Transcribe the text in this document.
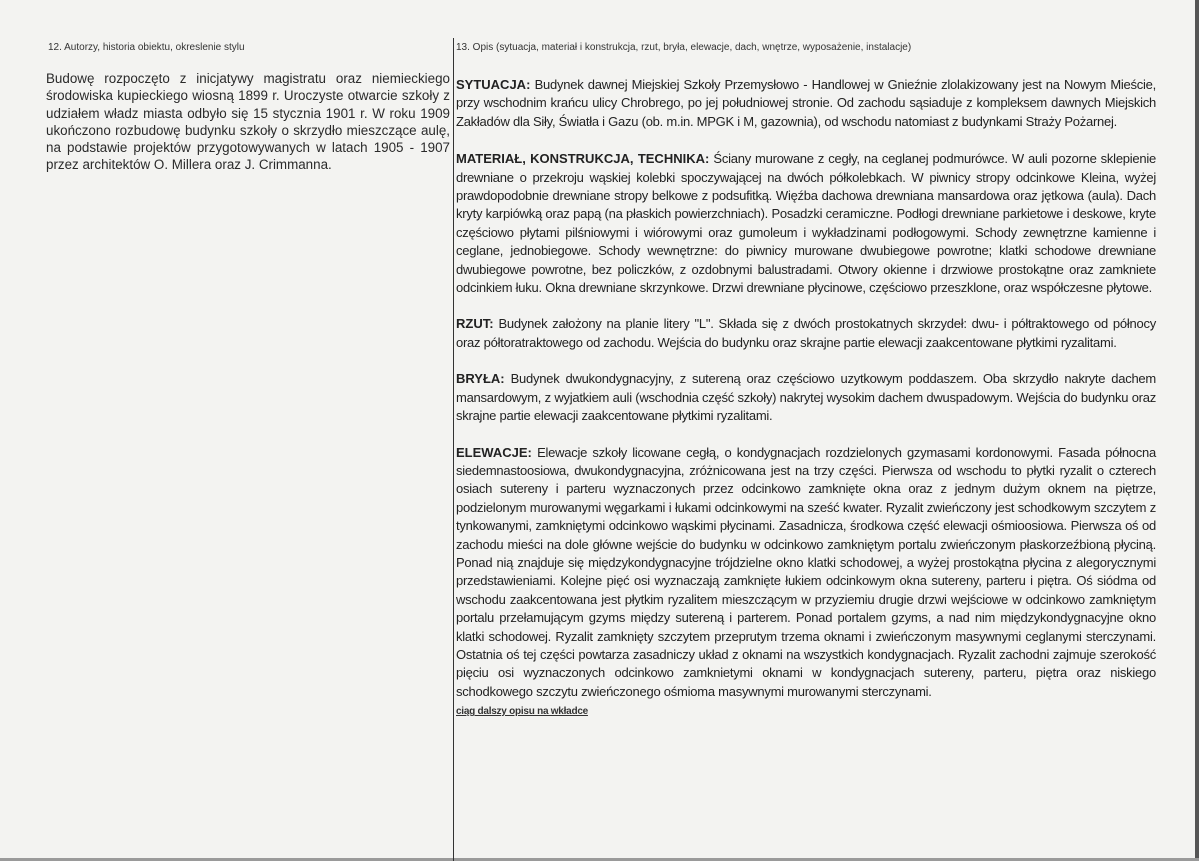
12. Autorzy, historia obiektu, okreslenie stylu	13. Opis (sytuacja, materiał i konstrukcja, rzut, bryła, elewacje, dach, wnętrze, wyposażenie, instalacje)
Budowę rozpoczęto z inicjatywy magistratu oraz niemieckiego środowiska kupieckiego wiosną 1899 r. Uroczyste otwarcie szkoły z udziałem władz miasta odbyło się 15 stycznia 1901 r. W roku 1909 ukończono rozbudowę budynku szkoły o skrzydło mieszczące aulę, na podstawie projektów przygotowywanych w latach 1905 - 1907 przez architektów O. Millera oraz J. Crimmanna.

SYTUACJA: Budynek dawnej Miejskiej Szkoły Przemysłowo - Handlowej w Gnieźnie zlolakizowany jest na Nowym Mieście, przy wschodnim krańcu ulicy Chrobrego, po jej południowej stronie. Od zachodu sąsiaduje z kompleksem dawnych Miejskich Zakładów dla Siły, Światła i Gazu (ob. m.in. MPGK i M, gazownia), od wschodu natomiast z budynkami Straży Pożarnej.

MATERIAŁ, KONSTRUKCJA, TECHNIKA: Ściany murowane z cegły, na ceglanej podmurówce. W auli pozorne sklepienie drewniane o przekroju wąskiej kolebki spoczywającej na dwóch półkolebkach. W piwnicy stropy odcinkowe Kleina, wyżej prawdopodobnie drewniane stropy belkowe z podsufitką. Więźba dachowa drewniana mansardowa oraz jętkowa (aula). Dach kryty karpiówką oraz papą (na płaskich powierzchniach). Posadzki ceramiczne. Podłogi drewniane parkietowe i deskowe, kryte częściowo płytami pilśniowymi i wiórowymi oraz gumoleum i wykładzinami podłogowymi. Schody zewnętrzne kamienne i ceglane, jednobiegowe. Schody wewnętrzne: do piwnicy murowane dwubiegowe powrotne; klatki schodowe drewniane dwubiegowe powrotne, bez policzków, z ozdobnymi balustradami. Otwory okienne i drzwiowe prostokątne oraz zamkniete odcinkiem łuku. Okna drewniane skrzynkowe. Drzwi drewniane płycinowe, częściowo przeszklone, oraz współczesne płytowe.

RZUT: Budynek założony na planie litery "L". Składa się z dwóch prostokatnych skrzydeł: dwu- i półtraktowego od północy oraz półtoratraktowego od zachodu. Wejścia do budynku oraz skrajne partie elewacji zaakcentowane płytkimi ryzalitami.

BRYŁA: Budynek dwukondygnacyjny, z sutereną oraz częściowo uzytkowym poddaszem. Oba skrzydło nakryte dachem mansardowym, z wyjatkiem auli (wschodnia część szkoły) nakrytej wysokim dachem dwuspadowym. Wejścia do budynku oraz skrajne partie elewacji zaakcentowane płytkimi ryzalitami.

ELEWACJE: Elewacje szkoły licowane cegłą, o kondygnacjach rozdzielonych gzymasami kordonowymi. Fasada północna siedemnastoosiowa, dwukondygnacyjna, zróżnicowana jest na trzy części. Pierwsza od wschodu to płytki ryzalit o czterech osiach sutereny i parteru wyznaczonych przez odcinkowo zamknięte okna oraz z jednym dużym oknem na piętrze, podzielonym murowanymi węgarkami i łukami odcinkowymi na sześć kwater. Ryzalit zwieńczony jest schodkowym szczytem z tynkowanymi, zamkniętymi odcinkowo wąskimi płycinami. Zasadnicza, środkowa część elewacji ośmioosiowa. Pierwsza oś od zachodu mieści na dole główne wejście do budynku w odcinkowo zamkniętym portalu zwieńczonym płaskorzeźbioną płyciną. Ponad nią znajduje się międzykondygnacyjne trójdzielne okno klatki schodowej, a wyżej prostokątna płycina z alegorycznymi przedstawieniami. Kolejne pięć osi wyznaczają zamknięte łukiem odcinkowym okna sutereny, parteru i piętra. Oś siódma od wschodu zaakcentowana jest płytkim ryzalitem mieszczącym w przyziemiu drugie drzwi wejściowe w odcinkowo zamkniętym portalu przełamującym gzyms między sutereną i parterem. Ponad portalem gzyms, a nad nim międzykondygnacyjne okno klatki schodowej. Ryzalit zamknięty szczytem przeprutym trzema oknami i zwieńczonym masywnymi ceglanymi sterczynami. Ostatnia oś tej części powtarza zasadniczy układ z oknami na wszystkich kondygnacjach. Ryzalit zachodni zajmuje szerokość pięciu osi wyznaczonych odcinkowo zamknietymi oknami w kondygnacjach sutereny, parteru, piętra oraz niskiego schodkowego szczytu zwieńczonego ośmioma masywnymi murowanymi sterczynami.

ciąg dalszy opisu na wkładce
